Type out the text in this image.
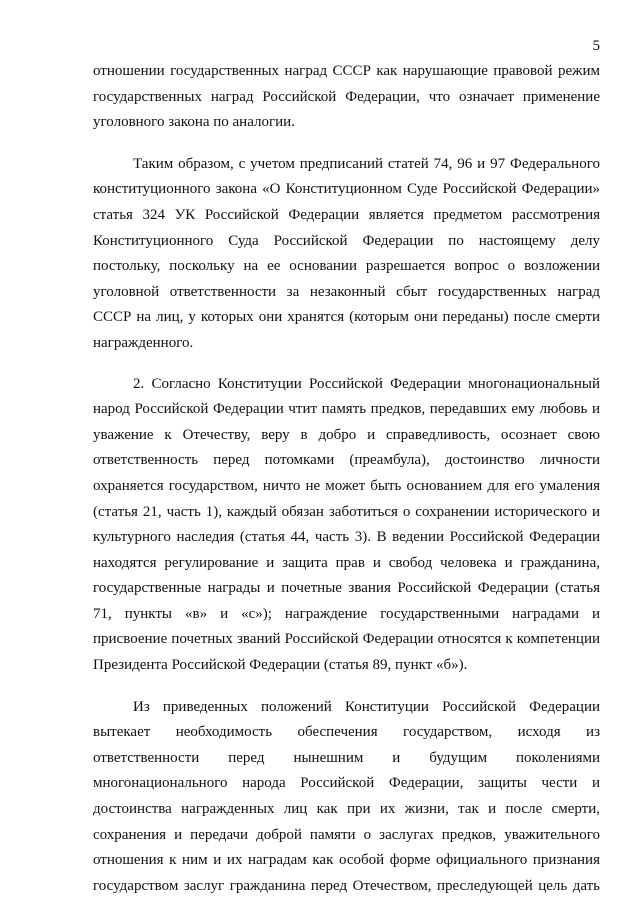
5
отношении государственных наград СССР как нарушающие правовой режим
государственных наград Российской Федерации, что означает применение
уголовного закона по аналогии.
Таким образом, с учетом предписаний статей 74, 96 и 97 Федерального
конституционного закона «О Конституционном Суде Российской Федерации»
статья 324 УК Российской Федерации является предметом рассмотрения
Конституционного Суда Российской Федерации по настоящему делу
постольку, поскольку на ее основании разрешается вопрос о возложении
уголовной ответственности за незаконный сбыт государственных наград
СССР на лиц, у которых они хранятся (которым они переданы) после смерти
награжденного.
2. Согласно Конституции Российской Федерации многонациональный
народ Российской Федерации чтит память предков, передавших ему любовь и
уважение к Отечеству, веру в добро и справедливость, осознает свою
ответственность перед потомками (преамбула), достоинство личности
охраняется государством, ничто не может быть основанием для его умаления
(статья 21, часть 1), каждый обязан заботиться о сохранении исторического и
культурного наследия (статья 44, часть 3). В ведении Российской Федерации
находятся регулирование и защита прав и свобод человека и гражданина,
государственные награды и почетные звания Российской Федерации (статья
71, пункты «в» и «с»); награждение государственными наградами и
присвоение почетных званий Российской Федерации относятся к компетенции
Президента Российской Федерации (статья 89, пункт «б»).
Из приведенных положений Конституции Российской Федерации
вытекает необходимость обеспечения государством, исходя из
ответственности перед нынешним и будущим поколениями
многонационального народа Российской Федерации, защиты чести и
достоинства награжденных лиц как при их жизни, так и после смерти,
сохранения и передачи доброй памяти о заслугах предков, уважительного
отношения к ним и их наградам как особой форме официального признания
государством заслуг гражданина перед Отечеством, преследующей цель дать
